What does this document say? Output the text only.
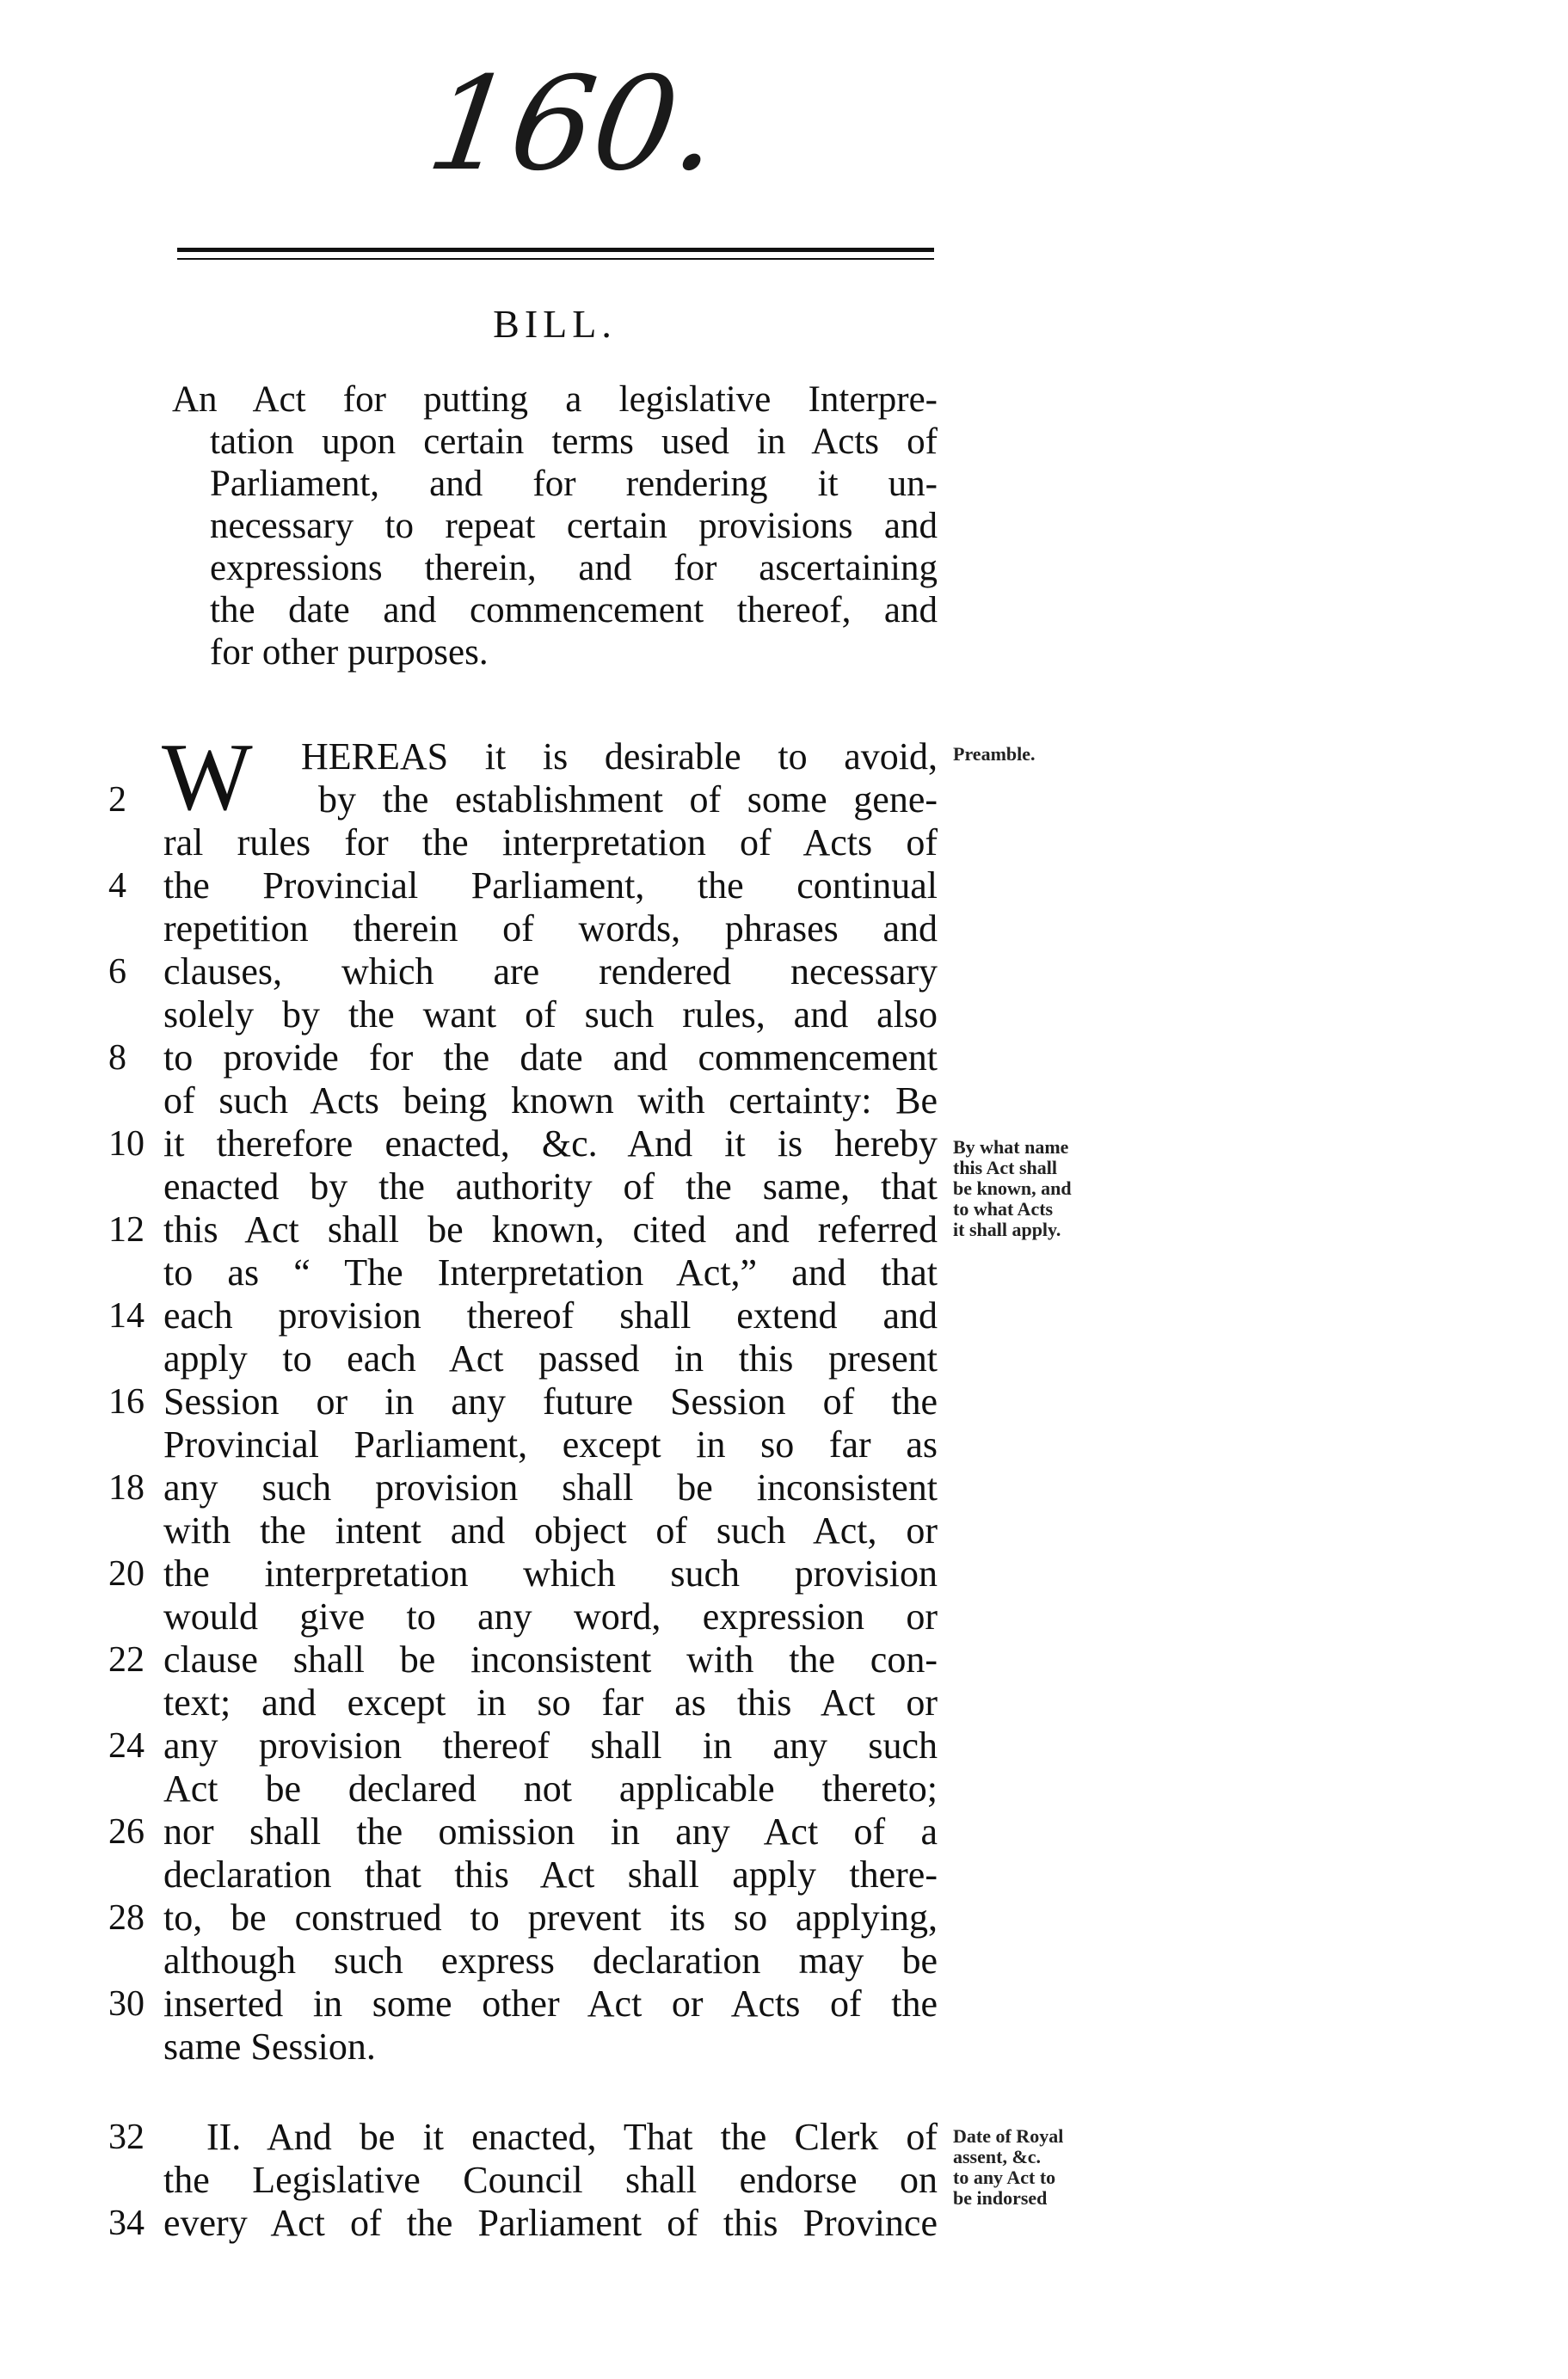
160.
BILL.
An Act for putting a legislative Interpre-
tation upon certain terms used in Acts of
Parliament, and for rendering it un-
necessary to repeat certain provisions and
expressions therein, and for ascertaining
the date and commencement thereof, and
for other purposes.
W HEREAS it is desirable to avoid,
by the establishment of some gene-
ral rules for the interpretation of Acts of
the Provincial Parliament, the continual
repetition therein of words, phrases and
clauses, which are rendered necessary
solely by the want of such rules, and also
to provide for the date and commencement
of such Acts being known with certainty: Be
it therefore enacted, &c. And it is hereby
enacted by the authority of the same, that
this Act shall be known, cited and referred
to as “ The Interpretation Act,” and that
each provision thereof shall extend and
apply to each Act passed in this present
Session or in any future Session of the
Provincial Parliament, except in so far as
any such provision shall be inconsistent
with the intent and object of such Act, or
the interpretation which such provision
would give to any word, expression or
clause shall be inconsistent with the con-
text; and except in so far as this Act or
any provision thereof shall in any such
Act be declared not applicable thereto;
nor shall the omission in any Act of a
declaration that this Act shall apply there-
to, be construed to prevent its so applying,
although such express declaration may be
inserted in some other Act or Acts of the
same Session.
II. And be it enacted, That the Clerk of
the Legislative Council shall endorse on
every Act of the Parliament of this Province
2
4
6
8
10
12
14
16
18
20
22
24
26
28
30
32
34
Preamble.
By what name
this Act shall
be known, and
to what Acts
it shall apply.
Date of Royal
assent, &c.
to any Act to
be indorsed
